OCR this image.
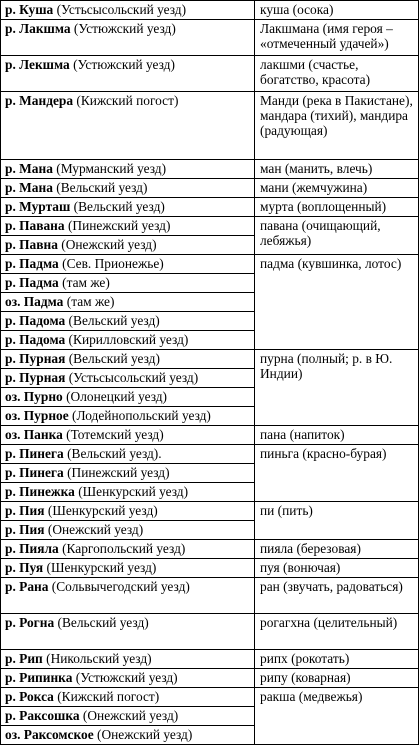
р. Куша (Устьсысольский уезд)	куша (осока)
р. Лакшма (Устюжский уезд)	Лакшмана (имя героя – «отмеченный удачей»)
р. Лекшма (Устюжский уезд)	лакшми (счастье, богатство, красота)
р. Мандера (Кижский погост)	Манди (река в Пакистане), мандара (тихий), мандира (радующая)
р. Мана (Мурманский уезд)	ман (манить, влечь)
р. Мана (Вельский уезд)	мани (жемчужина)
р. Мурташ (Вельский уезд)	мурта (воплощенный)
р. Павана (Пинежский уезд)	павана (очищающий, лебяжья)
р. Павна (Онежский уезд)	
р. Падма (Сев. Прионежье)	падма (кувшинка, лотос)
р. Падма (там же)	
оз. Падма (там же)	
р. Падома (Вельский уезд)	
р. Падома (Кирилловский уезд)	
р. Пурная (Вельский уезд)	пурна (полный; р. в Ю. Индии)
р. Пурная (Устьсысольский уезд)	
оз. Пурно (Олонецкий уезд)	
оз. Пурное (Лодейнопольский уезд)	
оз. Панка (Тотемский уезд)	пана (напиток)
р. Пинега (Вельский уезд).	пиньга (красно-бурая)
р. Пинега (Пинежский уезд)	
р. Пинежка (Шенкурский уезд)	
р. Пия (Шенкурский уезд)	пи (пить)
р. Пия (Онежский уезд)	
р. Пияла (Каргопольский уезд)	пияла (березовая)
р. Пуя (Шенкурский уезд)	пуя (вонючая)
р. Рана (Сольвычегодский уезд)	ран (звучать, радоваться)
р. Рогна (Вельский уезд)	рогагхна (целительный)
р. Рип (Никольский уезд)	рипх (рокотать)
р. Рипинка (Устюжский уезд)	рипу (коварная)
р. Рокса (Кижский погост)	ракша (медвежья)
р. Раксошка (Онежский уезд)	
оз. Раксомское (Онежский уезд)	
